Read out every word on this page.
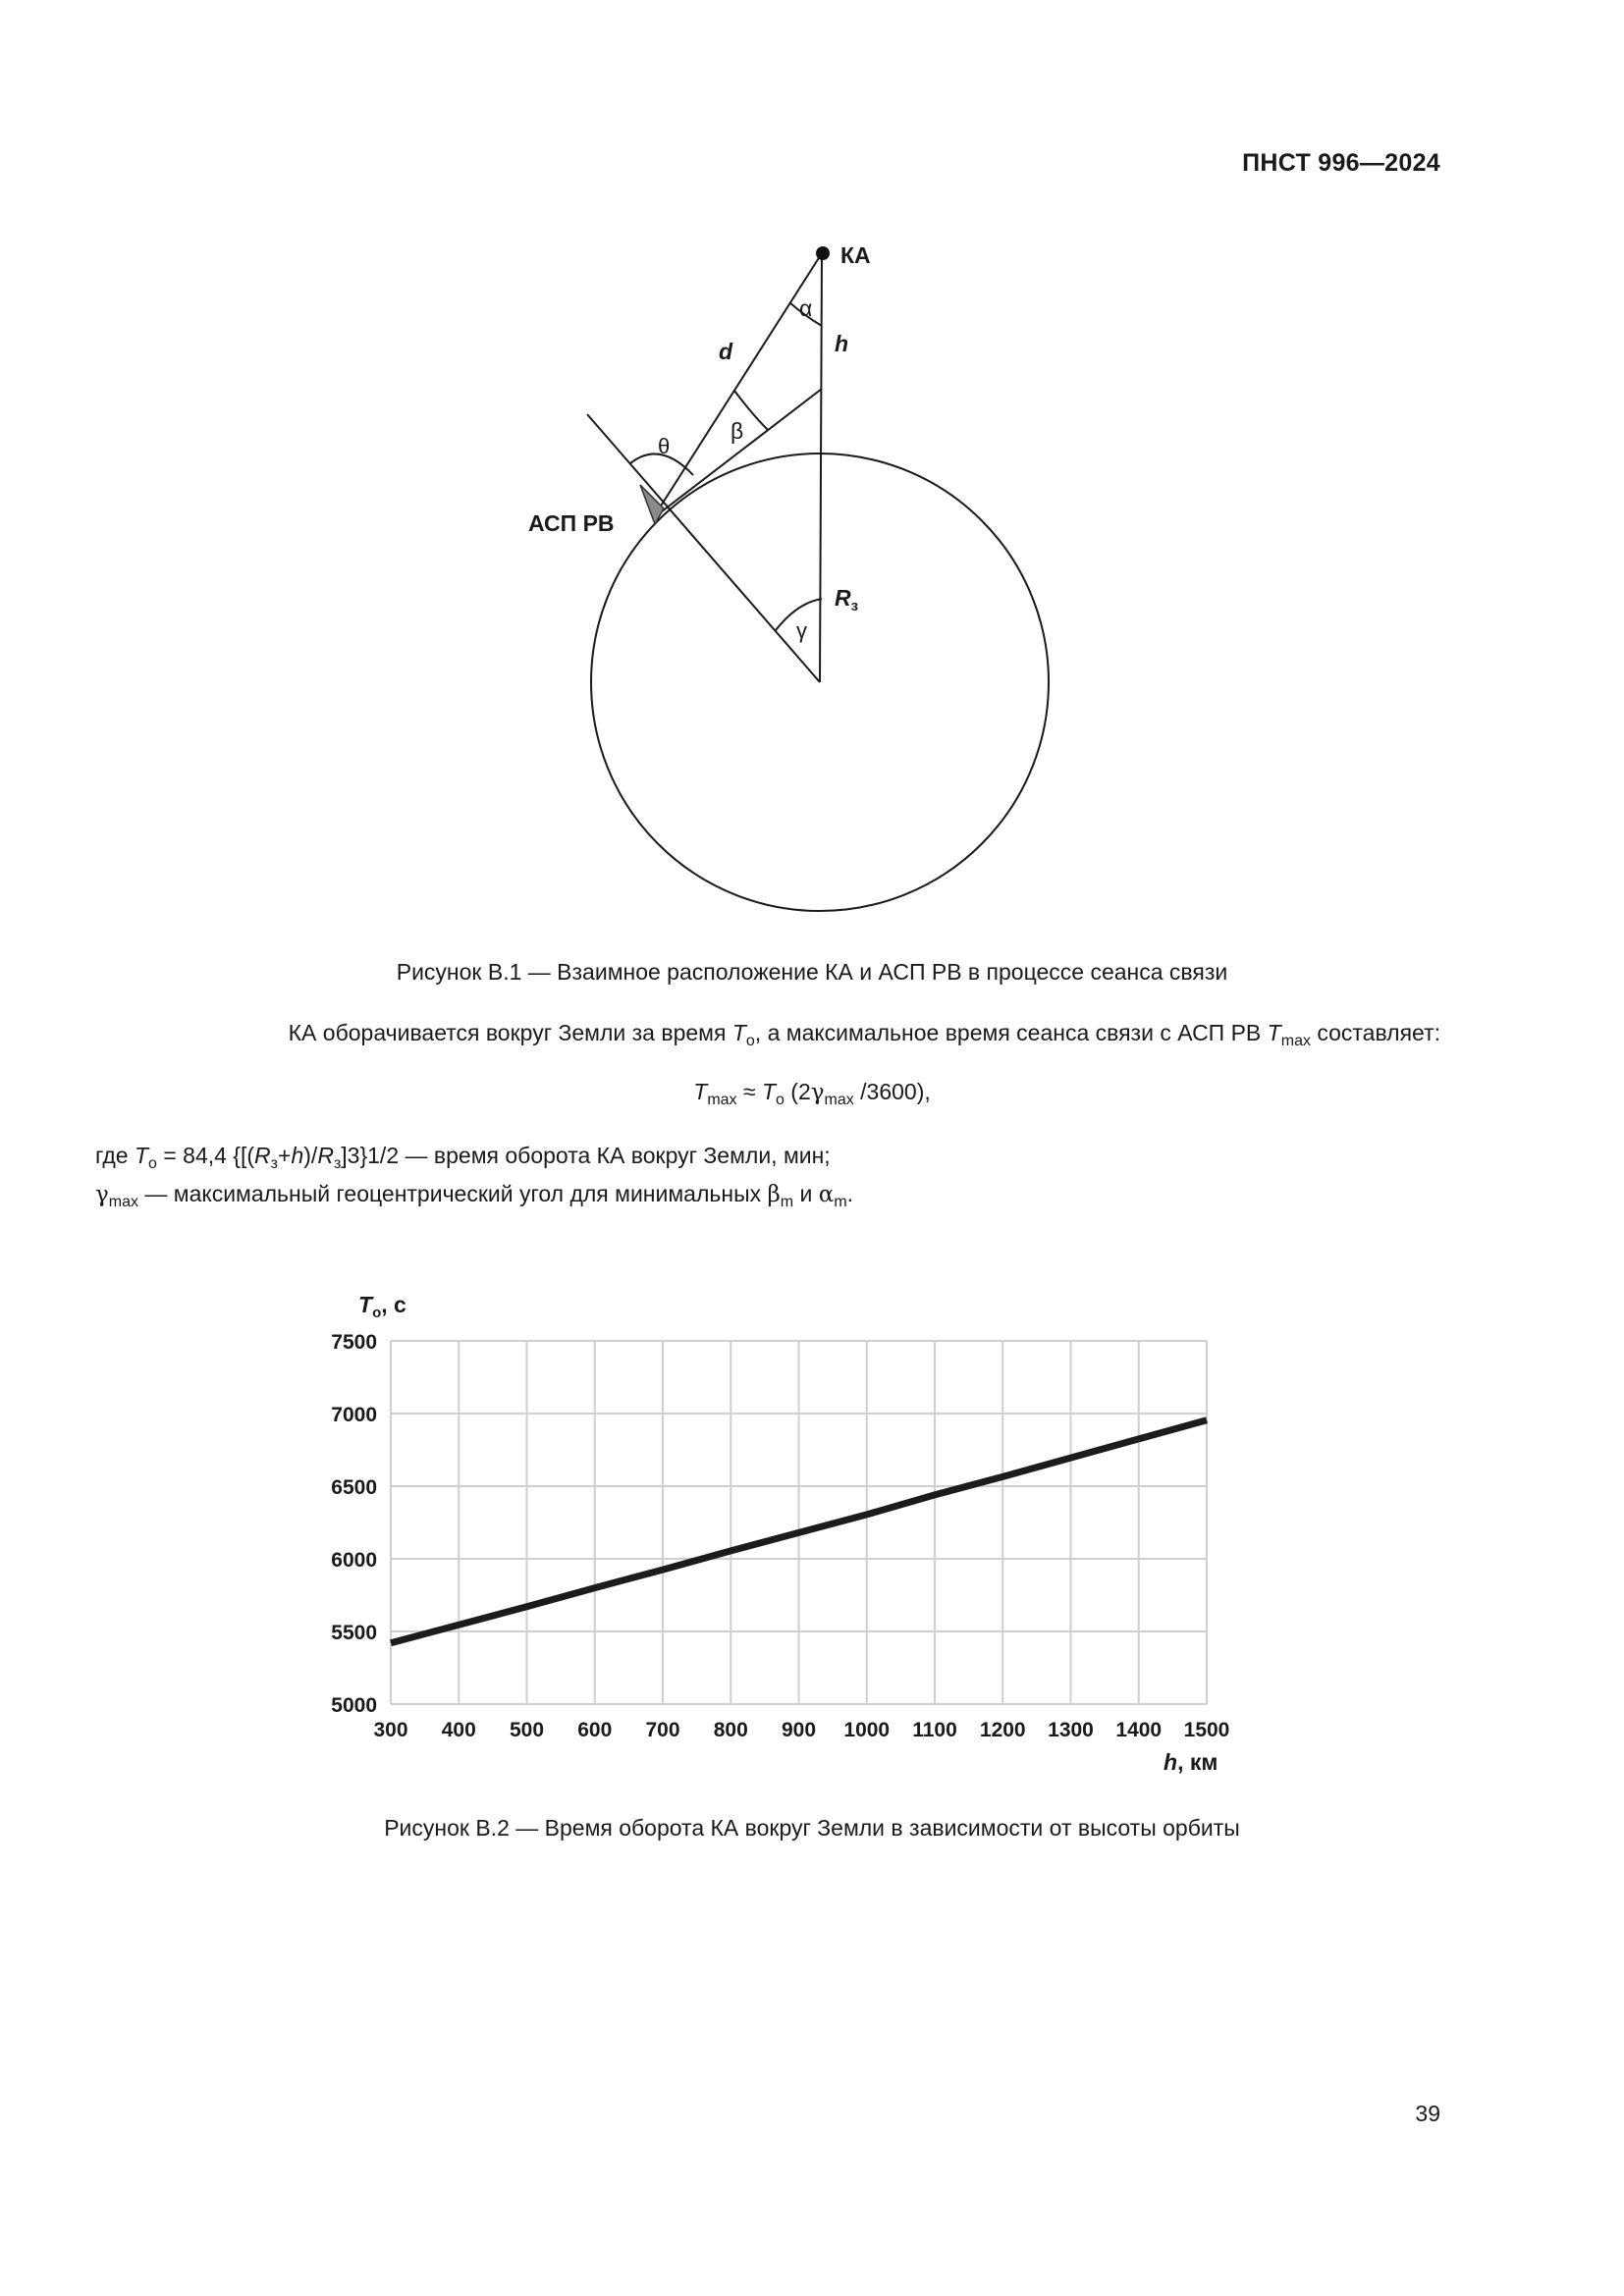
ПНСТ 996—2024
КА
АСП РВ
α
d	h
β
θ
γ
$R_з$
Рисунок В.1 — Взаимное расположение КА и АСП РВ в процессе сеанса связи
КА оборачивается вокруг Земли за время $T_о$, а максимальное время сеанса связи с АСП РВ $T_{max}$ составляет:
$T_{max} \approx T_о$ ($2\gamma_{max}$ /3600),
где $T_о = 84,4$ $\{[(R_з+h)/R_з]3\}1/2$ — время оборота КА вокруг Земли, мин;
$\gamma_{max}$ — максимальный геоцентрический угол для минимальных $\beta_m$ и $\alpha_m$.
5000
5500
6000
6500
7000
7500
300 400 500 600 700 800 900 1000 1100 1200 1300 1400 1500
$T_о$, с
h, км
Рисунок В.2 — Время оборота КА вокруг Земли в зависимости от высоты орбиты
39
